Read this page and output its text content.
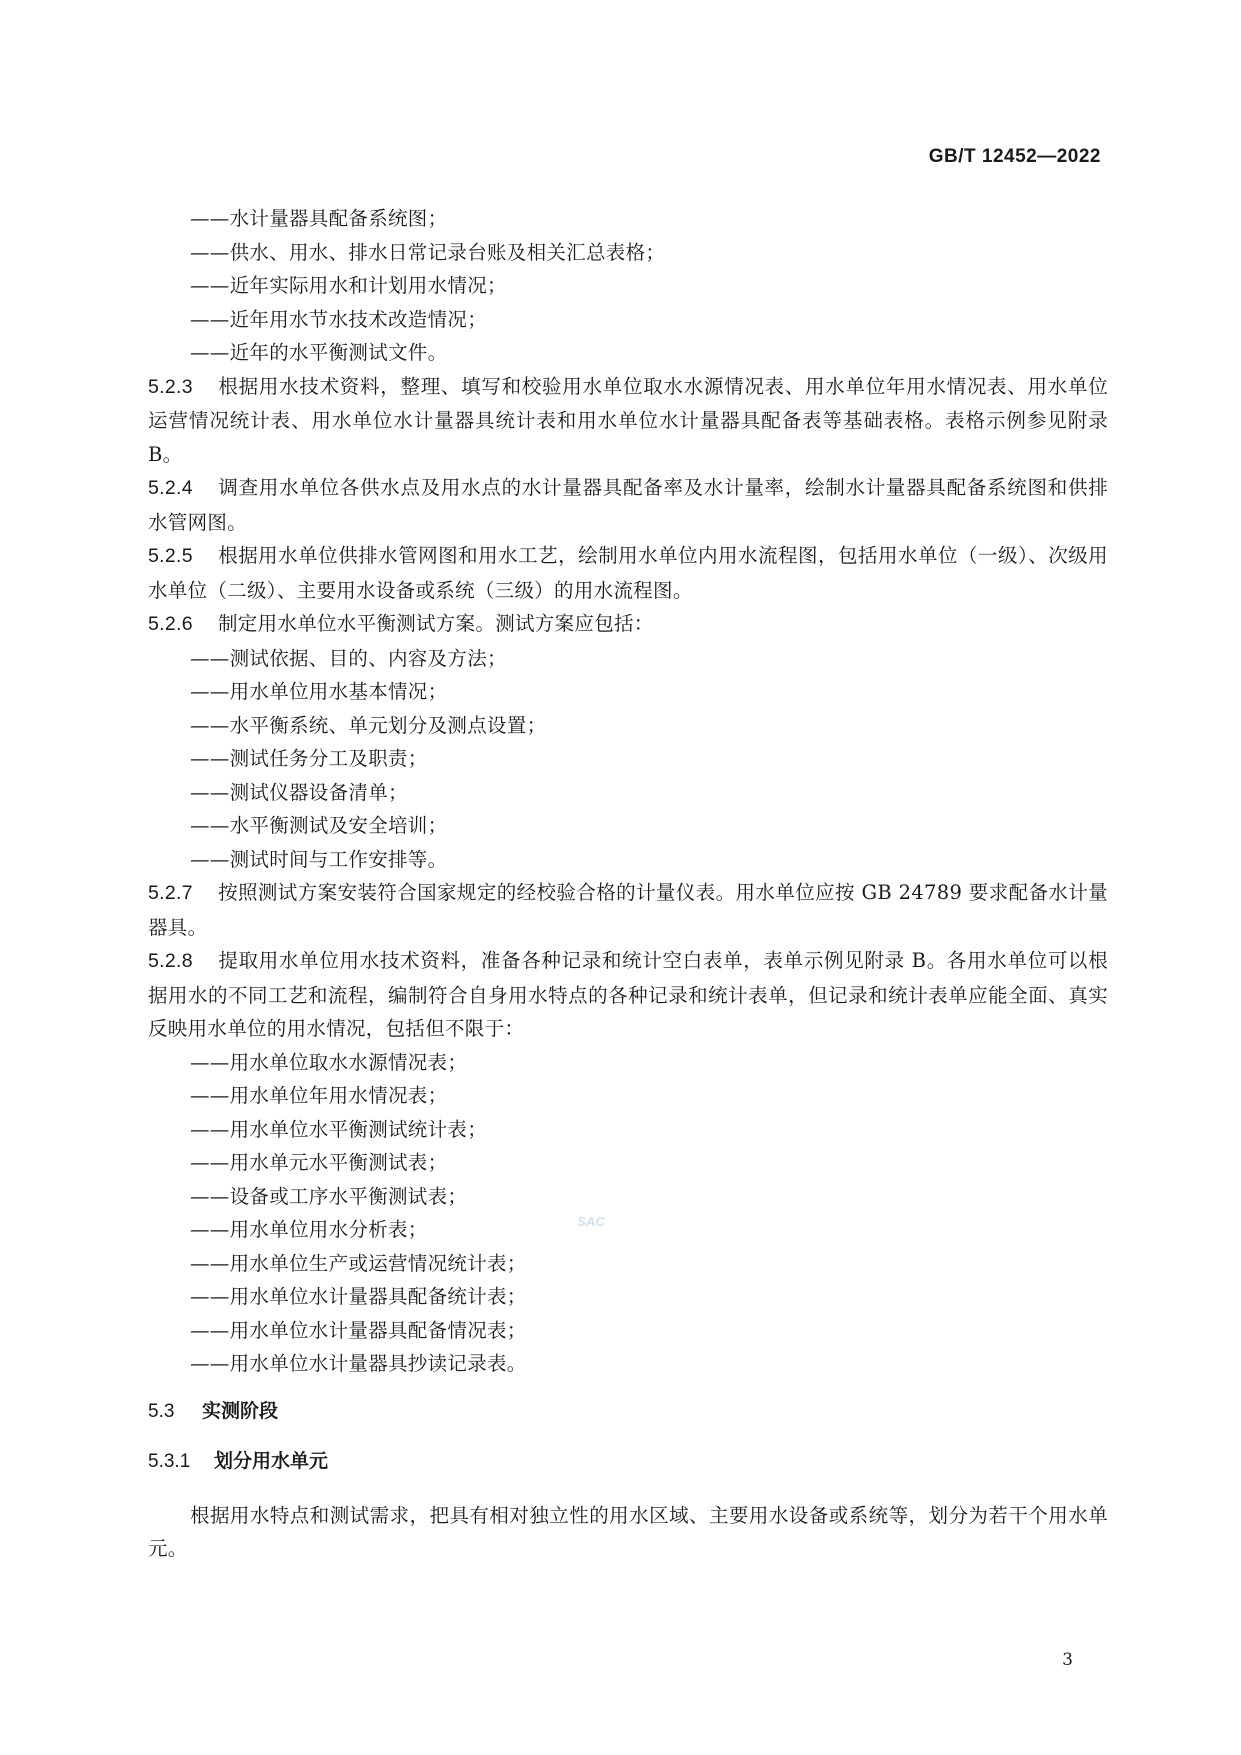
GB/T 12452—2022
——水计量器具配备系统图；
——供水、用水、排水日常记录台账及相关汇总表格；
——近年实际用水和计划用水情况；
——近年用水节水技术改造情况；
——近年的水平衡测试文件。
5.2.3 根据用水技术资料，整理、填写和校验用水单位取水水源情况表、用水单位年用水情况表、用水单位运营情况统计表、用水单位水计量器具统计表和用水单位水计量器具配备表等基础表格。表格示例参见附录 B。
5.2.4 调查用水单位各供水点及用水点的水计量器具配备率及水计量率，绘制水计量器具配备系统图和供排水管网图。
5.2.5 根据用水单位供排水管网图和用水工艺，绘制用水单位内用水流程图，包括用水单位（一级）、次级用水单位（二级）、主要用水设备或系统（三级）的用水流程图。
5.2.6 制定用水单位水平衡测试方案。测试方案应包括：
——测试依据、目的、内容及方法；
——用水单位用水基本情况；
——水平衡系统、单元划分及测点设置；
——测试任务分工及职责；
——测试仪器设备清单；
——水平衡测试及安全培训；
——测试时间与工作安排等。
5.2.7 按照测试方案安装符合国家规定的经校验合格的计量仪表。用水单位应按 GB 24789 要求配备水计量器具。
5.2.8 提取用水单位用水技术资料，准备各种记录和统计空白表单，表单示例见附录 B。各用水单位可以根据用水的不同工艺和流程，编制符合自身用水特点的各种记录和统计表单，但记录和统计表单应能全面、真实反映用水单位的用水情况，包括但不限于：
——用水单位取水水源情况表；
——用水单位年用水情况表；
——用水单位水平衡测试统计表；
——用水单元水平衡测试表；
——设备或工序水平衡测试表；
——用水单位用水分析表；
——用水单位生产或运营情况统计表；
——用水单位水计量器具配备统计表；
——用水单位水计量器具配备情况表；
——用水单位水计量器具抄读记录表。
5.3 实测阶段
5.3.1 划分用水单元
根据用水特点和测试需求，把具有相对独立性的用水区域、主要用水设备或系统等，划分为若干个用水单元。
SAC
3
